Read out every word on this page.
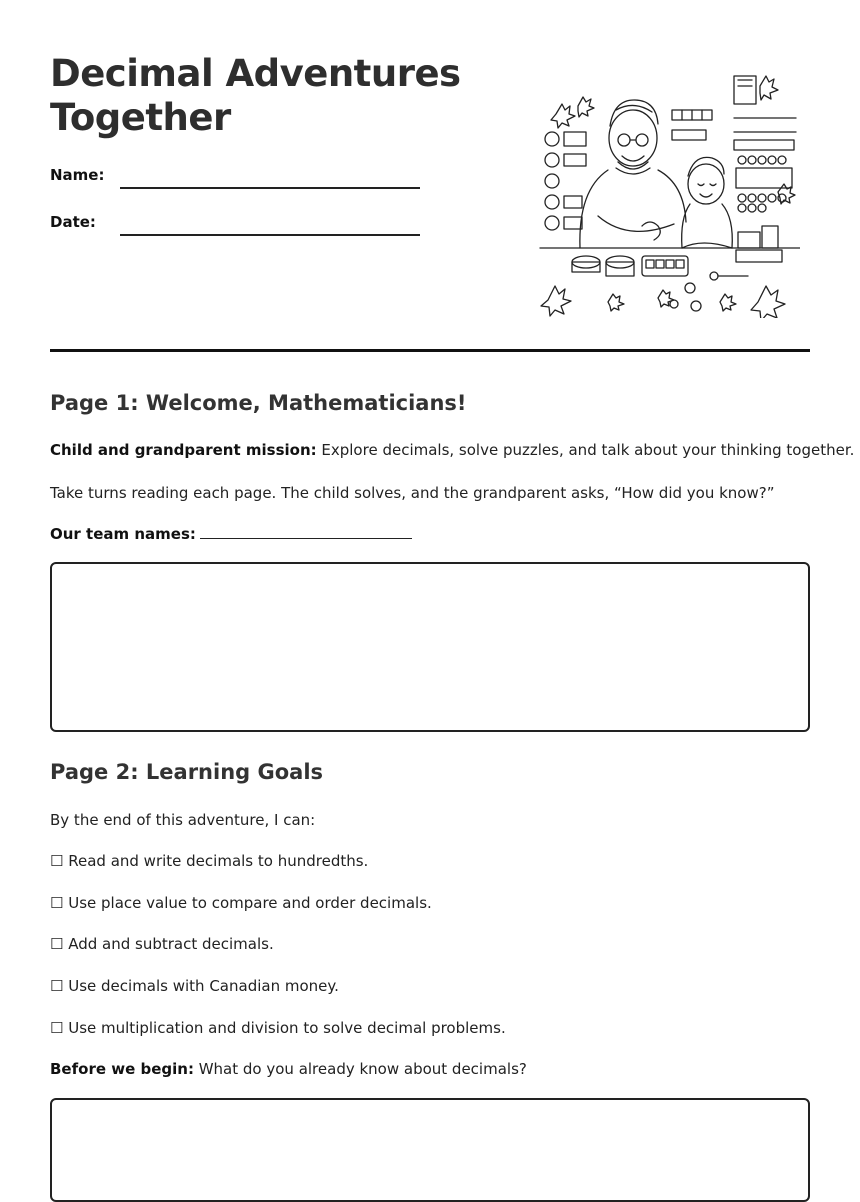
Decimal Adventures
Together
Name:
Date:
Page 1: Welcome, Mathematicians!

Child and grandparent mission: Explore decimals, solve puzzles, and talk about your thinking together.

Take turns reading each page. The child solves, and the grandparent asks, “How did you know?”

Our team names:

Page 2: Learning Goals

By the end of this adventure, I can:

☐ Read and write decimals to hundredths.

☐ Use place value to compare and order decimals.

☐ Add and subtract decimals.

☐ Use decimals with Canadian money.

☐ Use multiplication and division to solve decimal problems.

Before we begin: What do you already know about decimals?
